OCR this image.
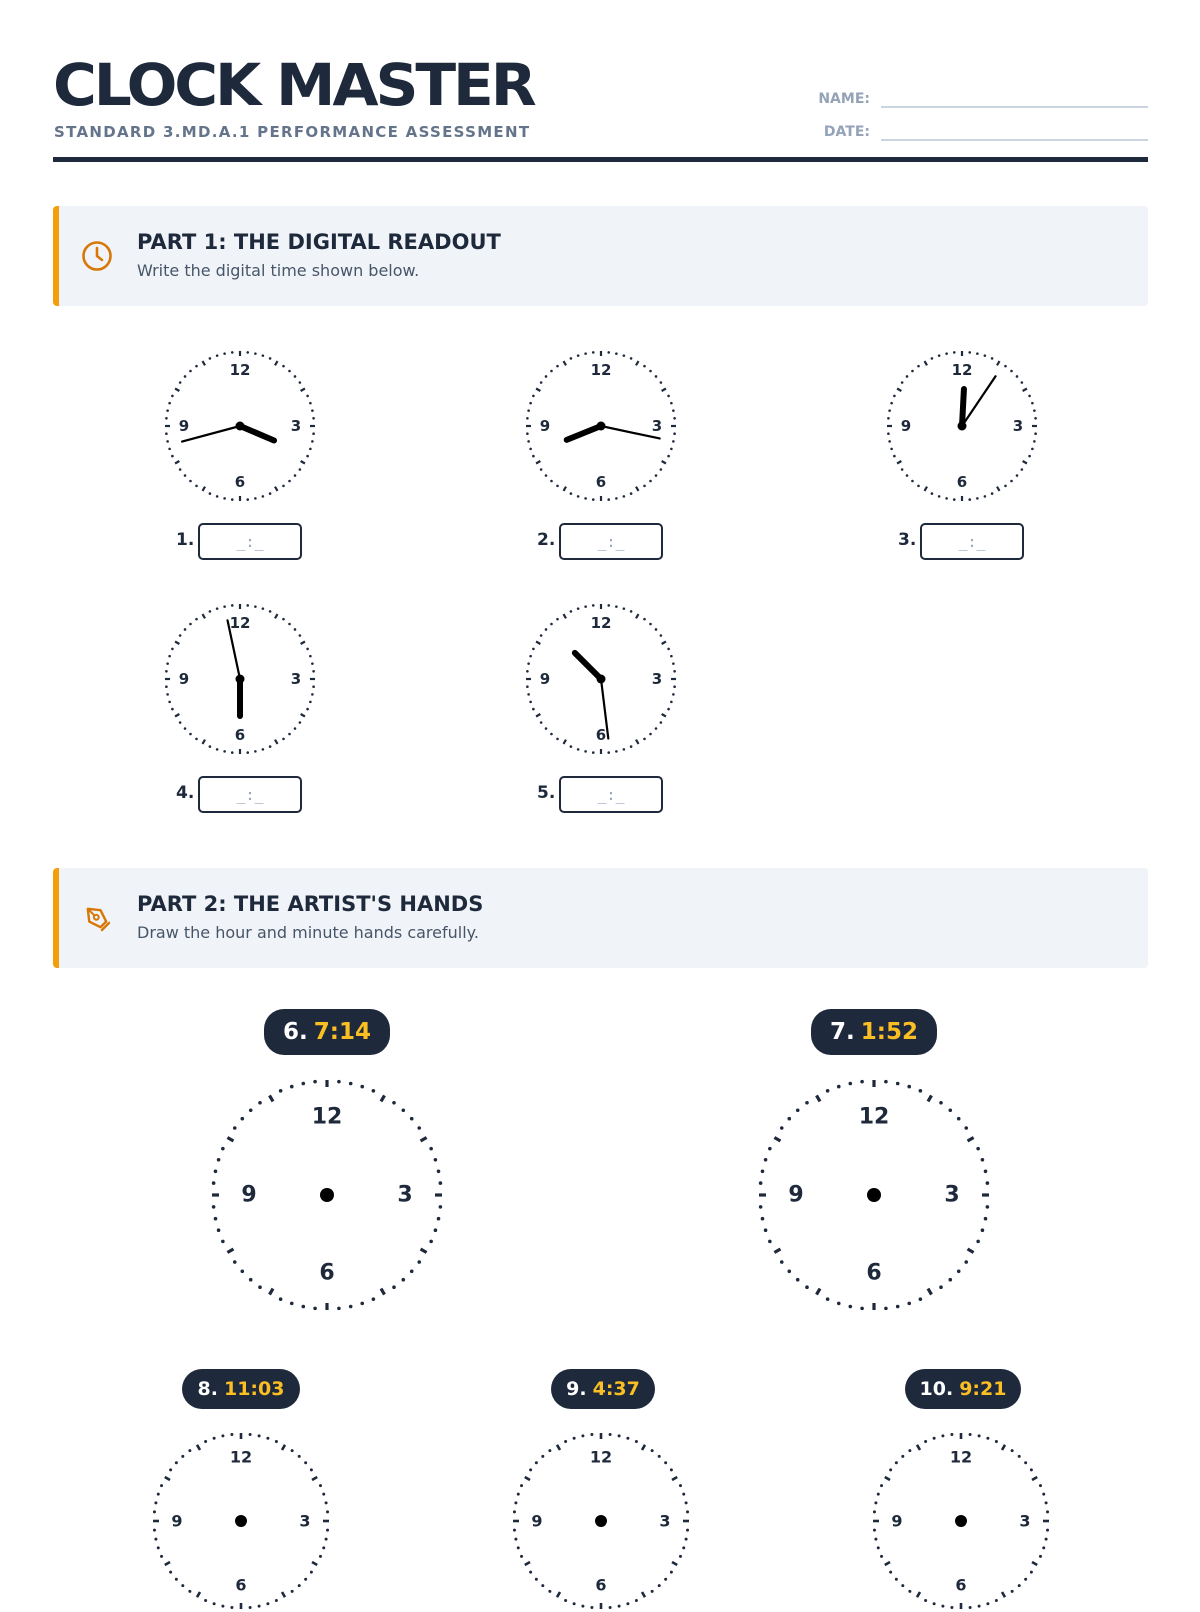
CLOCK MASTER
STANDARD 3.MD.A.1 PERFORMANCE ASSESSMENT
NAME:
DATE:
PART 1: THE DIGITAL READOUT
Write the digital time shown below.
12
3
6
9
1.	_:_
12
3
6
9
2.	_:_
12
3
6
9
3.	_:_
12
3
6
9
4.	_:_
12
3
6
9
5.	_:_
PART 2: THE ARTIST'S HANDS
Draw the hour and minute hands carefully.
6. 7:14
12
3
6
9
7. 1:52
12
3
6
9
8. 11:03
12
3
6
9
9. 4:37
12
3
6
9
10. 9:21
12
3
6
9
